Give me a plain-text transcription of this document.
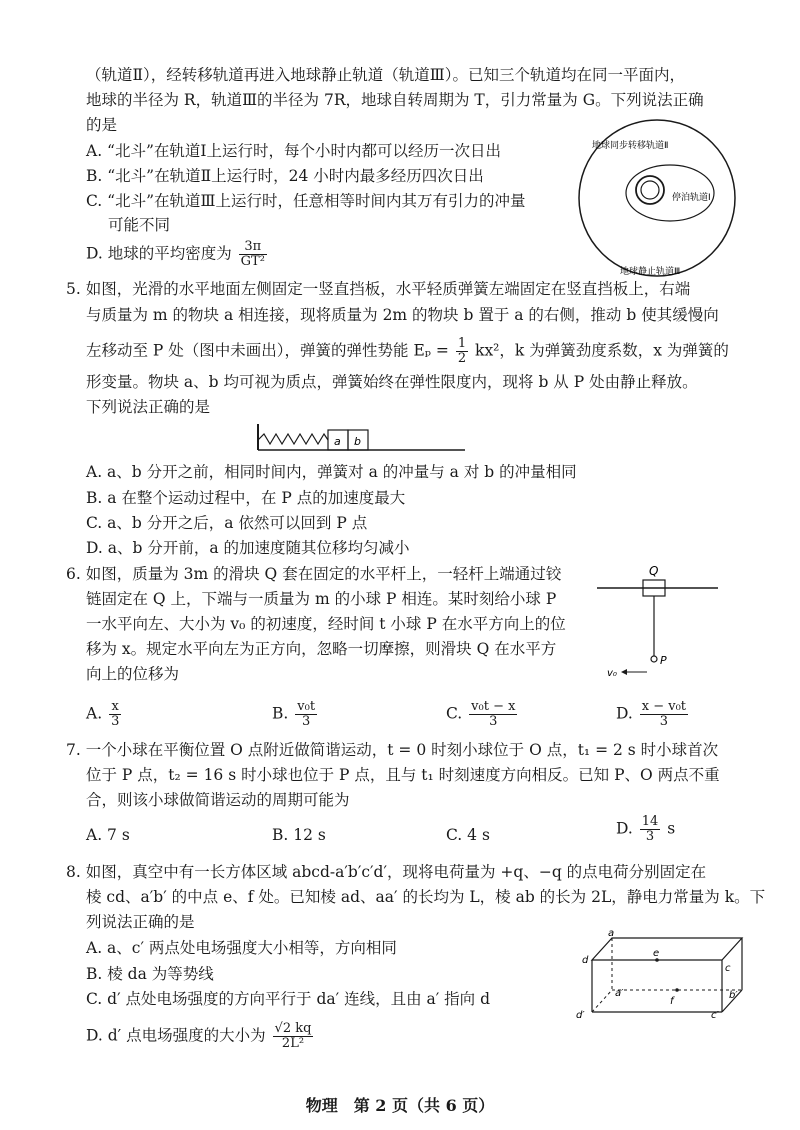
（轨道Ⅱ），经转移轨道再进入地球静止轨道（轨道Ⅲ）。已知三个轨道均在同一平面内，
地球的半径为 R，轨道Ⅲ的半径为 7R，地球自转周期为 T，引力常量为 G。下列说法正确
的是
A. “北斗”在轨道Ⅰ上运行时，每个小时内都可以经历一次日出
B. “北斗”在轨道Ⅱ上运行时，24 小时内最多经历四次日出
C. “北斗”在轨道Ⅲ上运行时，任意相等时间内其万有引力的冲量
可能不同
D. 地球的平均密度为 $\frac{3\pi}{\text{GT²}}$
地球同步转移轨道Ⅱ
停泊轨道Ⅰ
地球静止轨道Ⅲ
5. 如图，光滑的水平地面左侧固定一竖直挡板，水平轻质弹簧左端固定在竖直挡板上，右端
与质量为 m 的物块 a 相连接，现将质量为 2m 的物块 b 置于 a 的右侧，推动 b 使其缓慢向
左移动至 P 处（图中未画出），弹簧的弹性势能 $E_p = \frac{1}{2} kx^2$，k 为弹簧劲度系数，x 为弹簧的
形变量。物块 a、b 均可视为质点，弹簧始终在弹性限度内，现将 b 从 P 处由静止释放。
下列说法正确的是
a b
A. a、b 分开之前，相同时间内，弹簧对 a 的冲量与 a 对 b 的冲量相同
B. a 在整个运动过程中，在 P 点的加速度最大
C. a、b 分开之后，a 依然可以回到 P 点
D. a、b 分开前，a 的加速度随其位移均匀减小
6. 如图，质量为 3m 的滑块 Q 套在固定的水平杆上，一轻杆上端通过铰
链固定在 Q 上，下端与一质量为 m 的小球 P 相连。某时刻给小球 P
一水平向左、大小为 v₀ 的初速度，经时间 t 小球 P 在水平方向上的位
移为 x。规定水平向左为正方向，忽略一切摩擦，则滑块 Q 在水平方
向上的位移为
Q
P
v₀
A. $\frac{x}{3}$	B. $\frac{\text{v₀t}}{3}$	C. $\frac{\text{v₀t − x}}{3}$	D. $\frac{\text{x − v₀t}}{3}$
7. 一个小球在平衡位置 O 点附近做简谐运动，t = 0 时刻小球位于 O 点，t₁ = 2 s 时小球首次
位于 P 点，t₂ = 16 s 时小球也位于 P 点，且与 t₁ 时刻速度方向相反。已知 P、O 两点不重
合，则该小球做简谐运动的周期可能为
A. 7 s	B. 12 s	C. 4 s	D. $\frac{14}{3}$ s
8. 如图，真空中有一长方体区域 abcd-a′b′c′d′，现将电荷量为 +q、−q 的点电荷分别固定在
棱 cd、a′b′ 的中点 e、f 处。已知棱 ad、aa′ 的长均为 L，棱 ab 的长为 2L，静电力常量为 k。下
列说法正确的是
A. a、c′ 两点处电场强度大小相等，方向相同
B. 棱 da 为等势线
C. d′ 点处电场强度的方向平行于 da′ 连线，且由 a′ 指向 d
D. d′ 点电场强度的大小为 $\frac{√2 kq}{\text{2L²}}$
a
d
c
b′
a′
d′	c′
f
e
物理　第 2 页（共 6 页）
